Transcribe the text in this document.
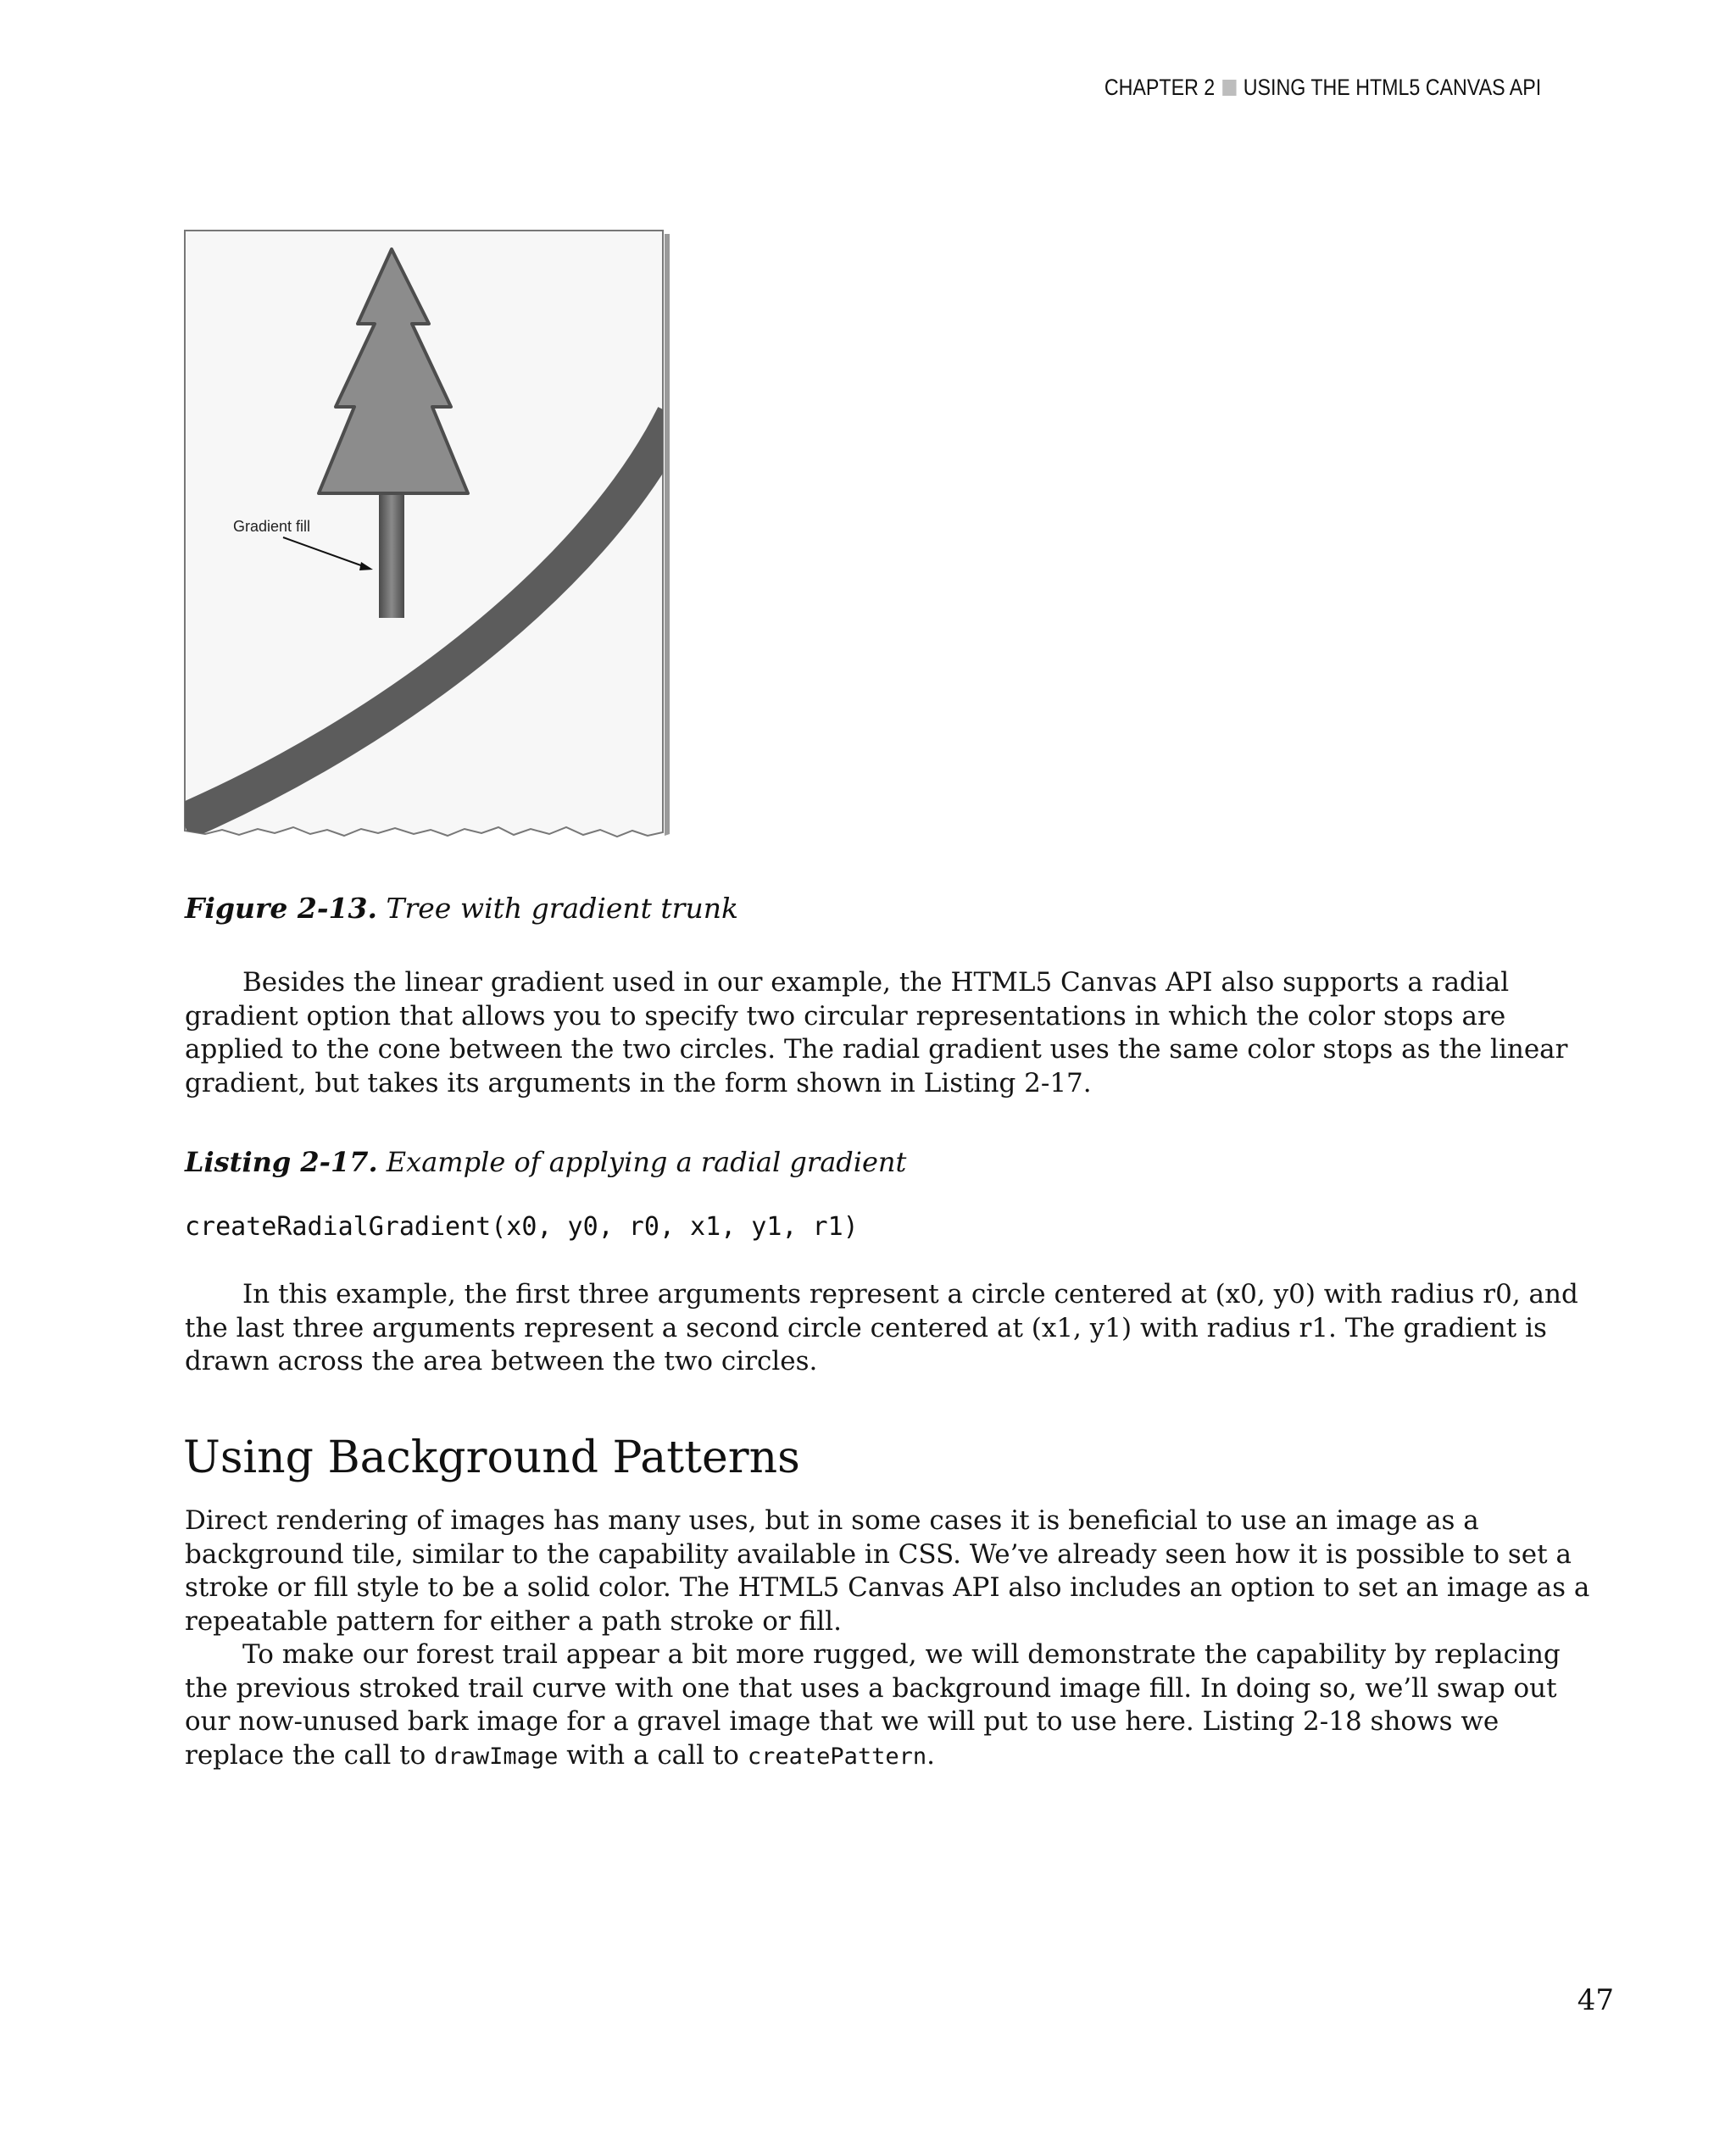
CHAPTER 2 USING THE HTML5 CANVAS API
Gradient fill
Figure 2-13. Tree with gradient trunk
Besides the linear gradient used in our example, the HTML5 Canvas API also supports a radial
gradient option that allows you to specify two circular representations in which the color stops are
applied to the cone between the two circles. The radial gradient uses the same color stops as the linear
gradient, but takes its arguments in the form shown in Listing 2-17.
Listing 2-17. Example of applying a radial gradient
createRadialGradient(x0, y0, r0, x1, y1, r1)
In this example, the first three arguments represent a circle centered at (x0, y0) with radius r0, and
the last three arguments represent a second circle centered at (x1, y1) with radius r1. The gradient is
drawn across the area between the two circles.
Using Background Patterns
Direct rendering of images has many uses, but in some cases it is beneficial to use an image as a
background tile, similar to the capability available in CSS. We’ve already seen how it is possible to set a
stroke or fill style to be a solid color. The HTML5 Canvas API also includes an option to set an image as a
repeatable pattern for either a path stroke or fill.
To make our forest trail appear a bit more rugged, we will demonstrate the capability by replacing
the previous stroked trail curve with one that uses a background image fill. In doing so, we’ll swap out
our now-unused bark image for a gravel image that we will put to use here. Listing 2-18 shows we
replace the call to drawImage with a call to createPattern.
47
